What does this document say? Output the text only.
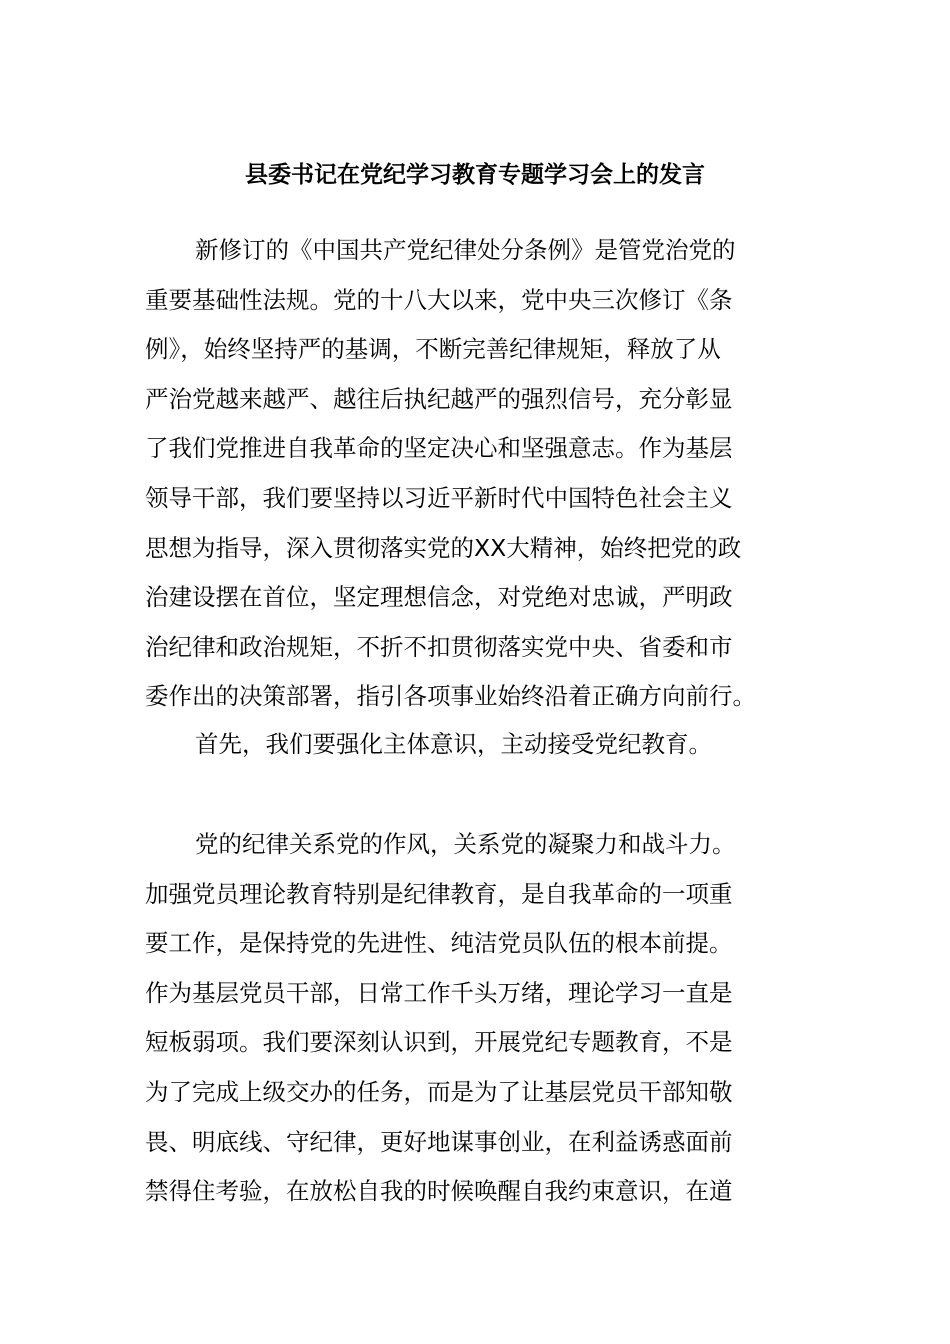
县委书记在党纪学习教育专题学习会上的发言
新修订的《中国共产党纪律处分条例》是管党治党的
重要基础性法规。党的十八大以来，党中央三次修订《条
例》，始终坚持严的基调，不断完善纪律规矩，释放了从
严治党越来越严、越往后执纪越严的强烈信号，充分彰显
了我们党推进自我革命的坚定决心和坚强意志。作为基层
领导干部，我们要坚持以习近平新时代中国特色社会主义
思想为指导，深入贯彻落实党的XX大精神，始终把党的政
治建设摆在首位，坚定理想信念，对党绝对忠诚，严明政
治纪律和政治规矩，不折不扣贯彻落实党中央、省委和市
委作出的决策部署，指引各项事业始终沿着正确方向前行。
首先，我们要强化主体意识，主动接受党纪教育。
党的纪律关系党的作风，关系党的凝聚力和战斗力。
加强党员理论教育特别是纪律教育，是自我革命的一项重
要工作，是保持党的先进性、纯洁党员队伍的根本前提。
作为基层党员干部，日常工作千头万绪，理论学习一直是
短板弱项。我们要深刻认识到，开展党纪专题教育，不是
为了完成上级交办的任务，而是为了让基层党员干部知敬
畏、明底线、守纪律，更好地谋事创业，在利益诱惑面前
禁得住考验，在放松自我的时候唤醒自我约束意识，在道
